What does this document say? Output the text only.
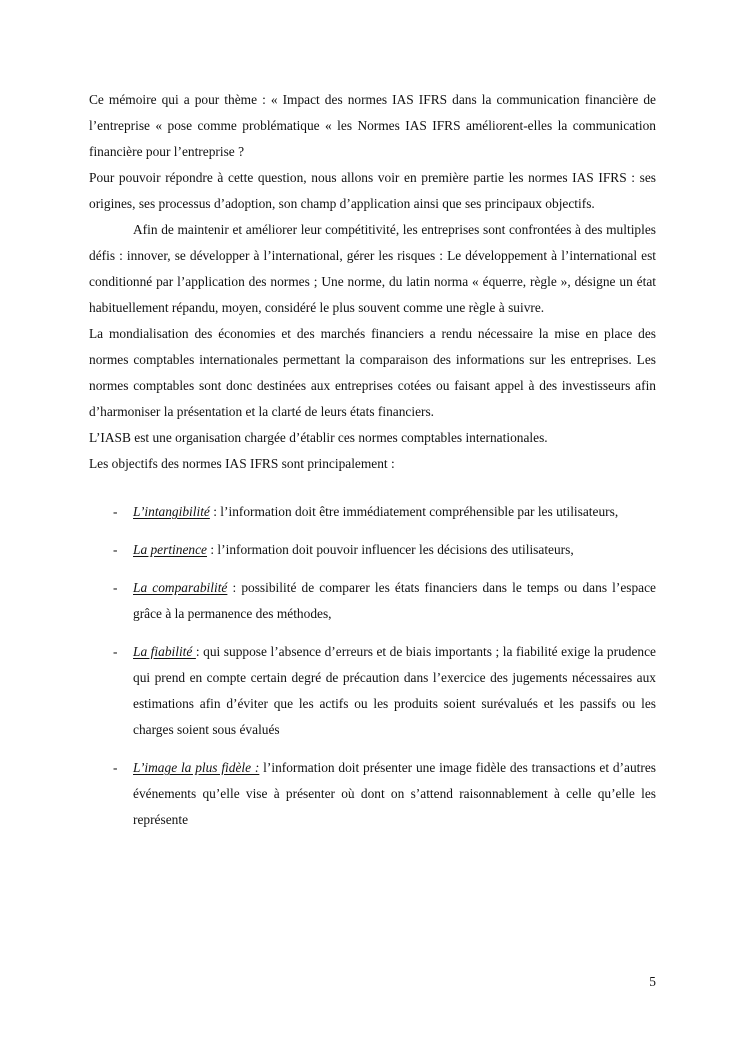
Ce mémoire qui a pour thème : « Impact des normes IAS IFRS dans la communication financière de l’entreprise « pose comme problématique « les Normes IAS IFRS améliorent-elles la communication financière pour l’entreprise ?

Pour pouvoir répondre à cette question, nous allons voir en première partie les normes IAS IFRS : ses origines, ses processus d’adoption, son champ d’application ainsi que ses principaux objectifs.

Afin de maintenir et améliorer leur compétitivité, les entreprises sont confrontées à des multiples défis : innover, se développer à l’international, gérer les risques : Le développement à l’international est conditionné par l’application des normes ; Une norme, du latin norma « équerre, règle », désigne un état habituellement répandu, moyen, considéré le plus souvent comme une règle à suivre.

La mondialisation des économies et des marchés financiers a rendu nécessaire la mise en place des normes comptables internationales permettant la comparaison des informations sur les entreprises. Les normes comptables sont donc destinées aux entreprises cotées ou faisant appel à des investisseurs afin d’harmoniser la présentation et la clarté de leurs états financiers.

L’IASB est une organisation chargée d’établir ces normes comptables internationales.

Les objectifs des normes IAS IFRS sont principalement :

- L’intangibilité : l’information doit être immédiatement compréhensible par les utilisateurs,
- La pertinence : l’information doit pouvoir influencer les décisions des utilisateurs,
- La comparabilité : possibilité de comparer les états financiers dans le temps ou dans l’espace grâce à la permanence des méthodes,
- La fiabilité : qui suppose l’absence d’erreurs et de biais importants ; la fiabilité exige la prudence qui prend en compte certain degré de précaution dans l’exercice des jugements nécessaires aux estimations afin d’éviter que les actifs ou les produits soient surévalués et les passifs ou les charges soient sous évalués
- L’image la plus fidèle : l’information doit présenter une image fidèle des transactions et d’autres événements qu’elle vise à présenter où dont on s’attend raisonnablement à celle qu’elle les représente
5
